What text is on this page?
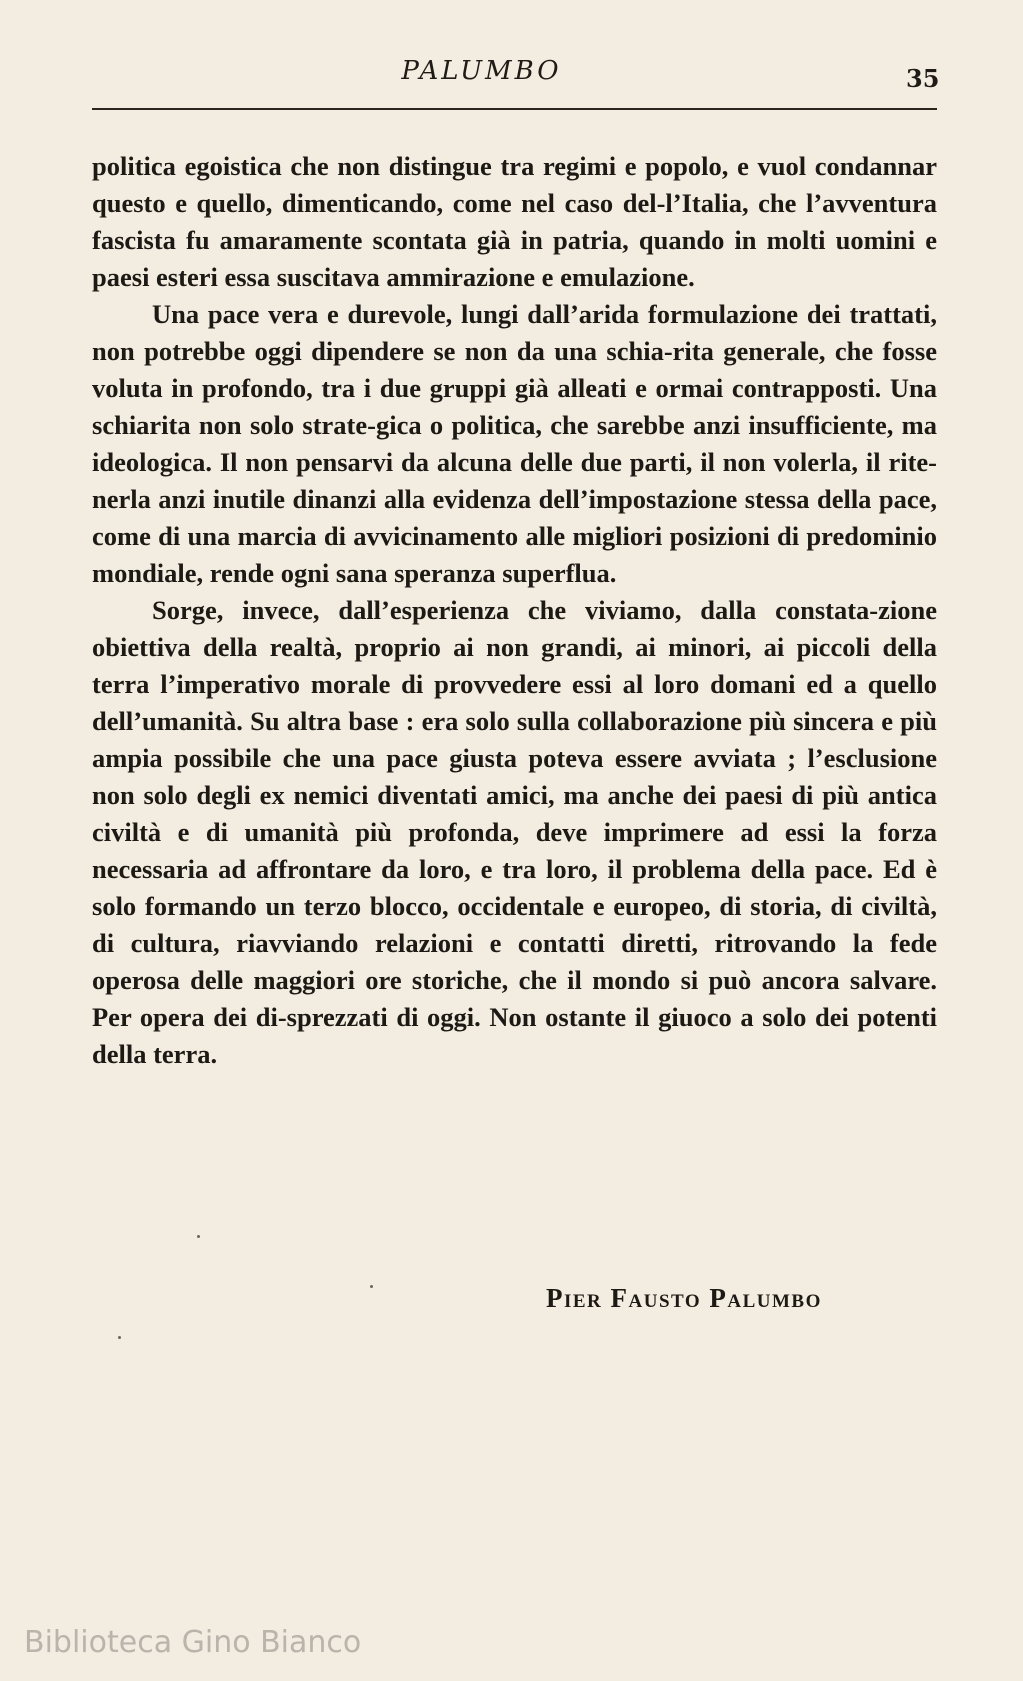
PALUMBO	35

politica egoistica che non distingue tra regimi e popolo, e vuol condannar questo e quello, dimenticando, come nel caso del-l’Italia, che l’avventura fascista fu amaramente scontata già in patria, quando in molti uomini e paesi esteri essa suscitava ammirazione e emulazione.

Una pace vera e durevole, lungi dall’arida formulazione dei trattati, non potrebbe oggi dipendere se non da una schia-rita generale, che fosse voluta in profondo, tra i due gruppi già alleati e ormai contrapposti. Una schiarita non solo strate-gica o politica, che sarebbe anzi insufficiente, ma ideologica. Il non pensarvi da alcuna delle due parti, il non volerla, il rite-nerla anzi inutile dinanzi alla evidenza dell’impostazione stessa della pace, come di una marcia di avvicinamento alle migliori posizioni di predominio mondiale, rende ogni sana speranza superflua.

Sorge, invece, dall’esperienza che viviamo, dalla constata-zione obiettiva della realtà, proprio ai non grandi, ai minori, ai piccoli della terra l’imperativo morale di provvedere essi al loro domani ed a quello dell’umanità. Su altra base : era solo sulla collaborazione più sincera e più ampia possibile che una pace giusta poteva essere avviata ; l’esclusione non solo degli ex nemici diventati amici, ma anche dei paesi di più antica civiltà e di umanità più profonda, deve imprimere ad essi la forza necessaria ad affrontare da loro, e tra loro, il problema della pace. Ed è solo formando un terzo blocco, occidentale e europeo, di storia, di civiltà, di cultura, riavviando relazioni e contatti diretti, ritrovando la fede operosa delle maggiori ore storiche, che il mondo si può ancora salvare. Per opera dei di-sprezzati di oggi. Non ostante il giuoco a solo dei potenti della terra.

Pier Fausto Palumbo
Biblioteca Gino Bianco
